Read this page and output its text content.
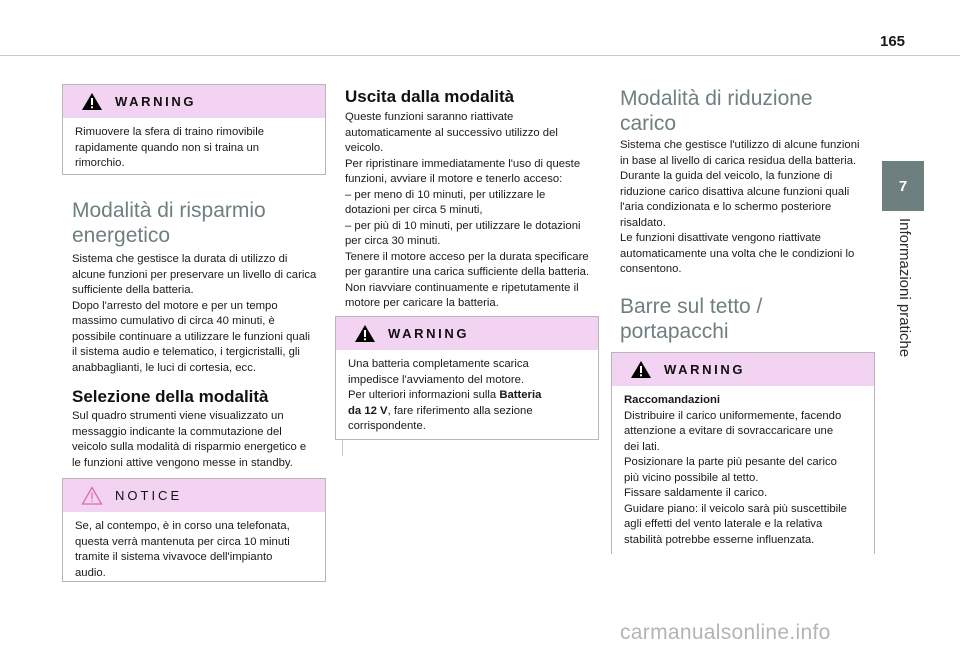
165
7
Informazioni pratiche
WARNING

Rimuovere la sfera di traino rimovibile
rapidamente quando non si traina un
rimorchio.

Modalità di risparmio
energetico

Sistema che gestisce la durata di utilizzo di
alcune funzioni per preservare un livello di carica
sufficiente della batteria.
Dopo l'arresto del motore e per un tempo
massimo cumulativo di circa 40 minuti, è
possibile continuare a utilizzare le funzioni quali
il sistema audio e telematico, i tergicristalli, gli
anabbaglianti, le luci di cortesia, ecc.

Selezione della modalità

Sul quadro strumenti viene visualizzato un
messaggio indicante la commutazione del
veicolo sulla modalità di risparmio energetico e
le funzioni attive vengono messe in standby.

NOTICE

Se, al contempo, è in corso una telefonata,
questa verrà mantenuta per circa 10 minuti
tramite il sistema vivavoce dell'impianto
audio.

Uscita dalla modalità

Queste funzioni saranno riattivate
automaticamente al successivo utilizzo del
veicolo.
Per ripristinare immediatamente l'uso di queste
funzioni, avviare il motore e tenerlo acceso:
– per meno di 10 minuti, per utilizzare le
dotazioni per circa 5 minuti,
– per più di 10 minuti, per utilizzare le dotazioni
per circa 30 minuti.
Tenere il motore acceso per la durata specificare
per garantire una carica sufficiente della batteria.
Non riavviare continuamente e ripetutamente il
motore per caricare la batteria.

WARNING

Una batteria completamente scarica
impedisce l'avviamento del motore.
Per ulteriori informazioni sulla Batteria
da 12 V, fare riferimento alla sezione
corrispondente.

Modalità di riduzione
carico

Sistema che gestisce l'utilizzo di alcune funzioni
in base al livello di carica residua della batteria.
Durante la guida del veicolo, la funzione di
riduzione carico disattiva alcune funzioni quali
l'aria condizionata e lo schermo posteriore
risaldato.
Le funzioni disattivate vengono riattivate
automaticamente una volta che le condizioni lo
consentono.

Barre sul tetto /
portapacchi
WARNING

Raccomandazioni

Distribuire il carico uniformemente, facendo
attenzione a evitare di sovraccaricare une
dei lati.
Posizionare la parte più pesante del carico
più vicino possibile al tetto.
Fissare saldamente il carico.
Guidare piano: il veicolo sarà più suscettibile
agli effetti del vento laterale e la relativa
stabilità potrebbe esserne influenzata.

carmanualsonline.info
